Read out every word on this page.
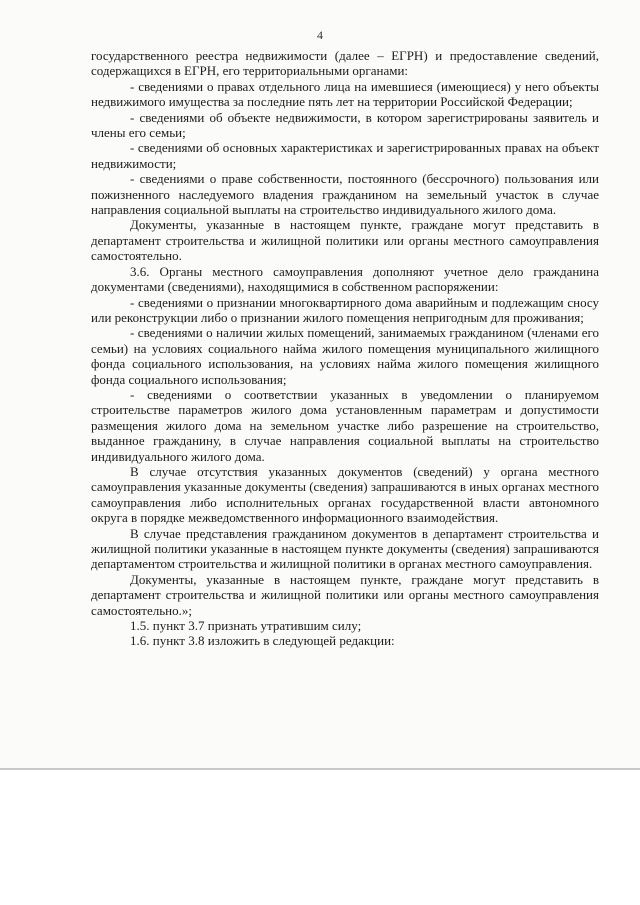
4

государственного реестра недвижимости (далее – ЕГРН) и предоставление сведений, содержащихся в ЕГРН, его территориальными органами:

- сведениями о правах отдельного лица на имевшиеся (имеющиеся) у него объекты недвижимого имущества за последние пять лет на территории Российской Федерации;

- сведениями об объекте недвижимости, в котором зарегистрированы заявитель и члены его семьи;

- сведениями об основных характеристиках и зарегистрированных правах на объект недвижимости;

- сведениями о праве собственности, постоянного (бессрочного) пользования или пожизненного наследуемого владения гражданином на земельный участок в случае направления социальной выплаты на строительство индивидуального жилого дома.

Документы, указанные в настоящем пункте, граждане могут представить в департамент строительства и жилищной политики или органы местного самоуправления самостоятельно.

3.6. Органы местного самоуправления дополняют учетное дело гражданина документами (сведениями), находящимися в собственном распоряжении:

- сведениями о признании многоквартирного дома аварийным и подлежащим сносу или реконструкции либо о признании жилого помещения непригодным для проживания;

- сведениями о наличии жилых помещений, занимаемых гражданином (членами его семьи) на условиях социального найма жилого помещения муниципального жилищного фонда социального использования, на условиях найма жилого помещения жилищного фонда социального использования;

- сведениями о соответствии указанных в уведомлении о планируемом строительстве параметров жилого дома установленным параметрам и допустимости размещения жилого дома на земельном участке либо разрешение на строительство, выданное гражданину, в случае направления социальной выплаты на строительство индивидуального жилого дома.

В случае отсутствия указанных документов (сведений) у органа местного самоуправления указанные документы (сведения) запрашиваются в иных органах местного самоуправления либо исполнительных органах государственной власти автономного округа в порядке межведомственного информационного взаимодействия.

В случае представления гражданином документов в департамент строительства и жилищной политики указанные в настоящем пункте документы (сведения) запрашиваются департаментом строительства и жилищной политики в органах местного самоуправления.

Документы, указанные в настоящем пункте, граждане могут представить в департамент строительства и жилищной политики или органы местного самоуправления самостоятельно.»;

1.5. пункт 3.7 признать утратившим силу;

1.6. пункт 3.8 изложить в следующей редакции:
